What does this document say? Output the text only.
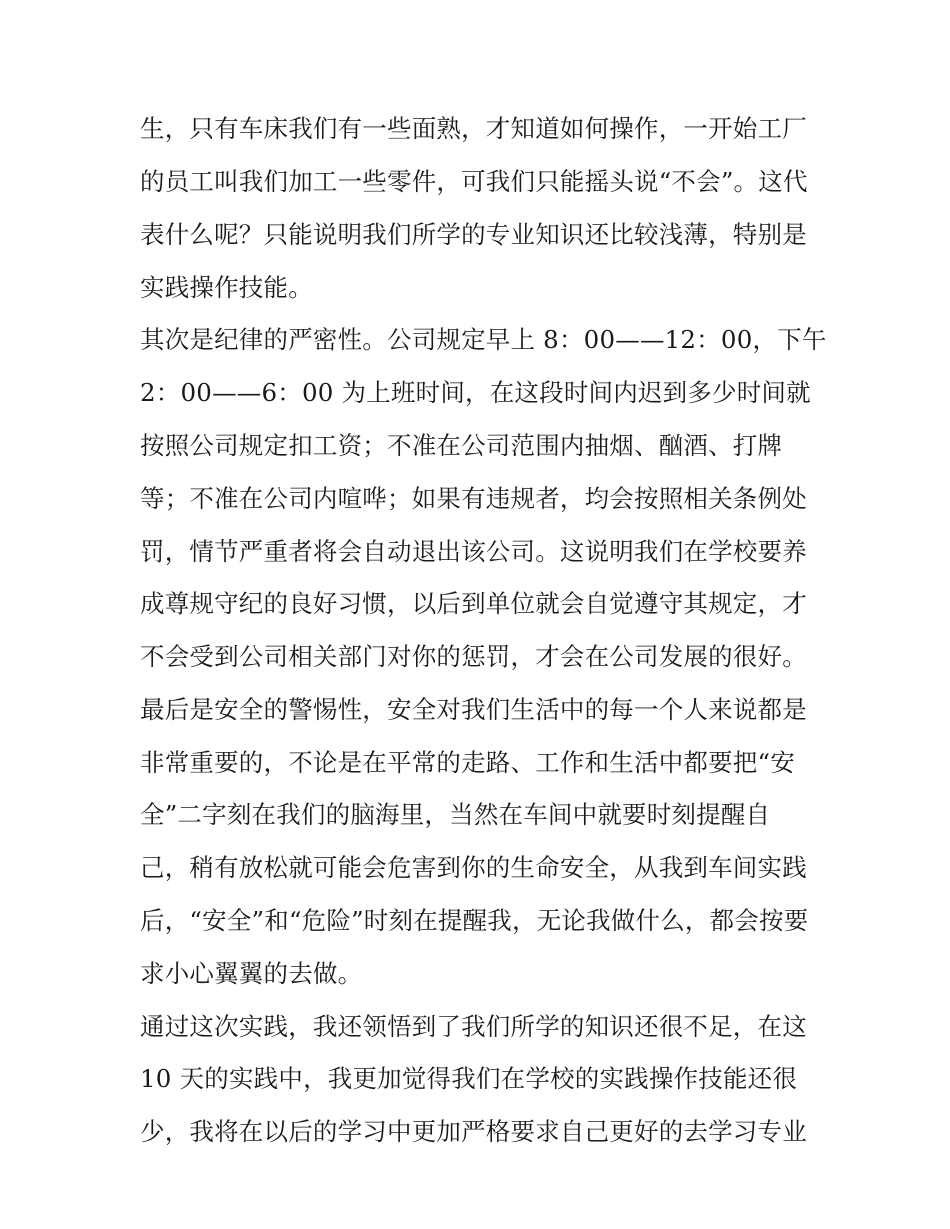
生，只有车床我们有一些面熟，才知道如何操作，一开始工厂

的员工叫我们加工一些零件，可我们只能摇头说“不会”。这代

表什么呢？只能说明我们所学的专业知识还比较浅薄，特别是

实践操作技能。

其次是纪律的严密性。公司规定早上 8：00——12：00，下午

2：00——6：00 为上班时间，在这段时间内迟到多少时间就

按照公司规定扣工资；不准在公司范围内抽烟、酗酒、打牌

等；不准在公司内喧哗；如果有违规者，均会按照相关条例处

罚，情节严重者将会自动退出该公司。这说明我们在学校要养

成尊规守纪的良好习惯，以后到单位就会自觉遵守其规定，才

不会受到公司相关部门对你的惩罚，才会在公司发展的很好。

最后是安全的警惕性，安全对我们生活中的每一个人来说都是

非常重要的，不论是在平常的走路、工作和生活中都要把“安

全”二字刻在我们的脑海里，当然在车间中就要时刻提醒自

己，稍有放松就可能会危害到你的生命安全，从我到车间实践

后，“安全”和“危险”时刻在提醒我，无论我做什么，都会按要

求小心翼翼的去做。

通过这次实践，我还领悟到了我们所学的知识还很不足，在这

10 天的实践中，我更加觉得我们在学校的实践操作技能还很

少，我将在以后的学习中更加严格要求自己更好的去学习专业
